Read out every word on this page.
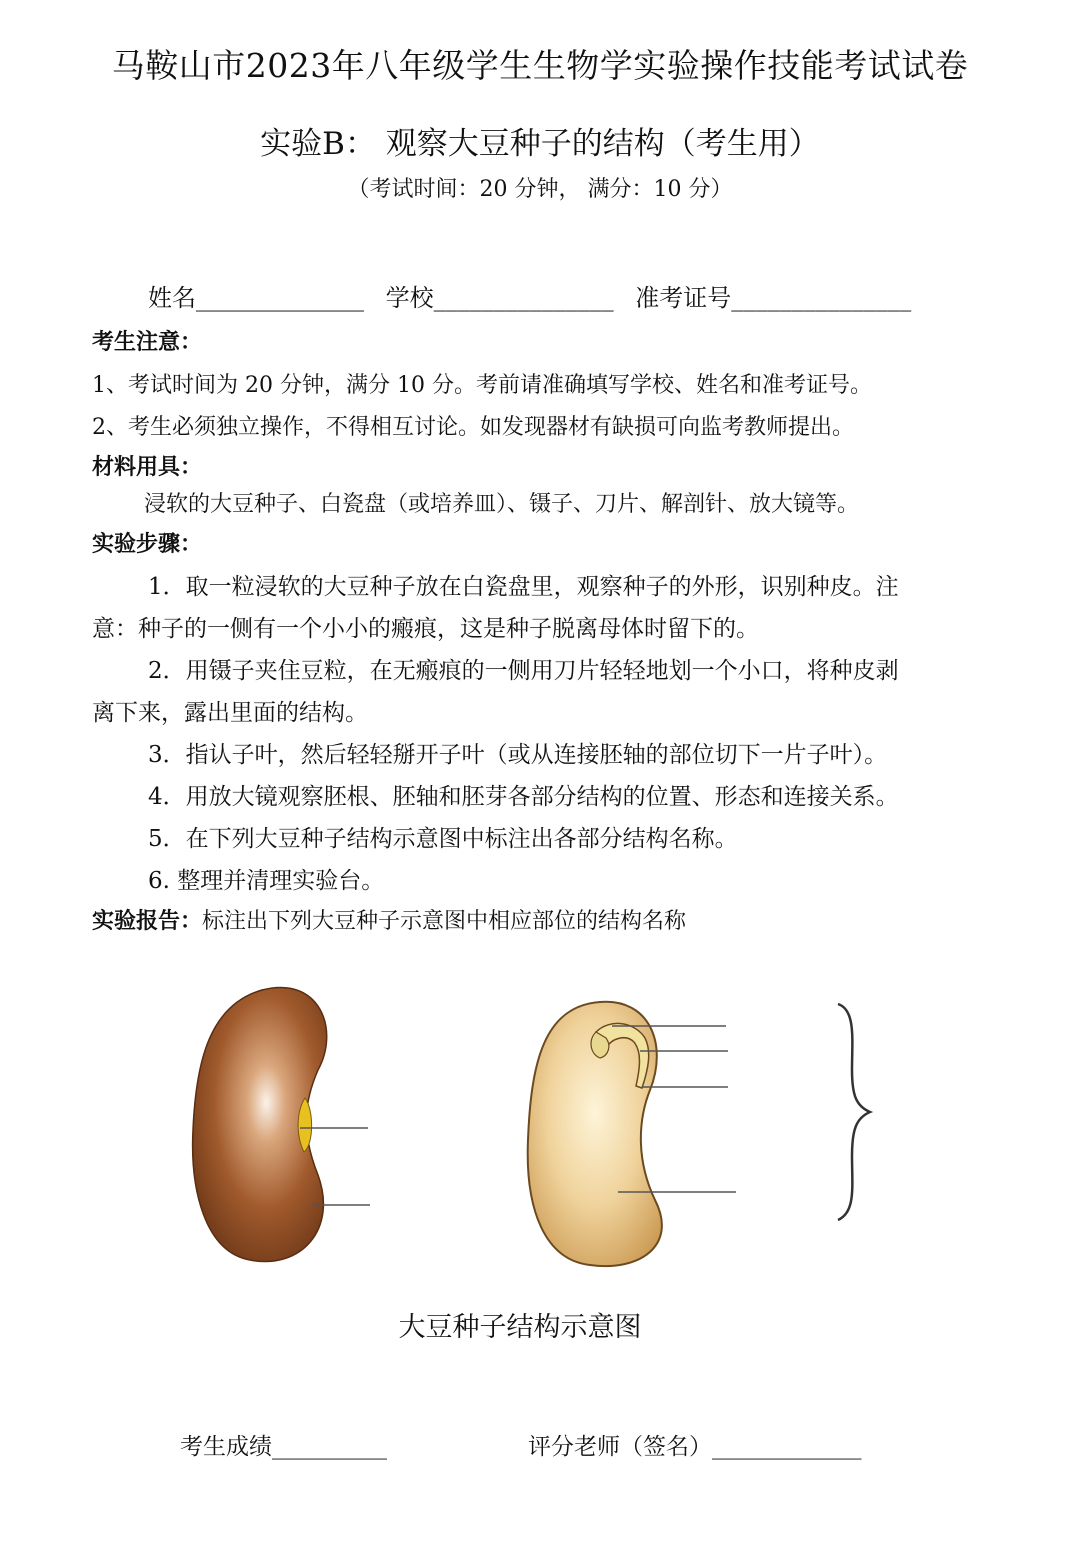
马鞍山市2023年八年级学生生物学实验操作技能考试试卷
实验B： 观察大豆种子的结构（考生用）
（考试时间：20 分钟， 满分：10 分）
姓名______________ 学校_______________ 准考证号_______________
考生注意：
1、考试时间为 20 分钟，满分 10 分。考前请准确填写学校、姓名和准考证号。
2、考生必须独立操作，不得相互讨论。如发现器材有缺损可向监考教师提出。
材料用具：
浸软的大豆种子、白瓷盘（或培养皿）、镊子、刀片、解剖针、放大镜等。
实验步骤：
1．取一粒浸软的大豆种子放在白瓷盘里，观察种子的外形，识别种皮。注
意：种子的一侧有一个小小的瘢痕，这是种子脱离母体时留下的。
2．用镊子夹住豆粒，在无瘢痕的一侧用刀片轻轻地划一个小口，将种皮剥
离下来，露出里面的结构。
3．指认子叶，然后轻轻掰开子叶（或从连接胚轴的部位切下一片子叶）。
4．用放大镜观察胚根、胚轴和胚芽各部分结构的位置、形态和连接关系。
5．在下列大豆种子结构示意图中标注出各部分结构名称。
6. 整理并清理实验台。
实验报告：标注出下列大豆种子示意图中相应部位的结构名称
大豆种子结构示意图
考生成绩__________	评分老师（签名）_____________
